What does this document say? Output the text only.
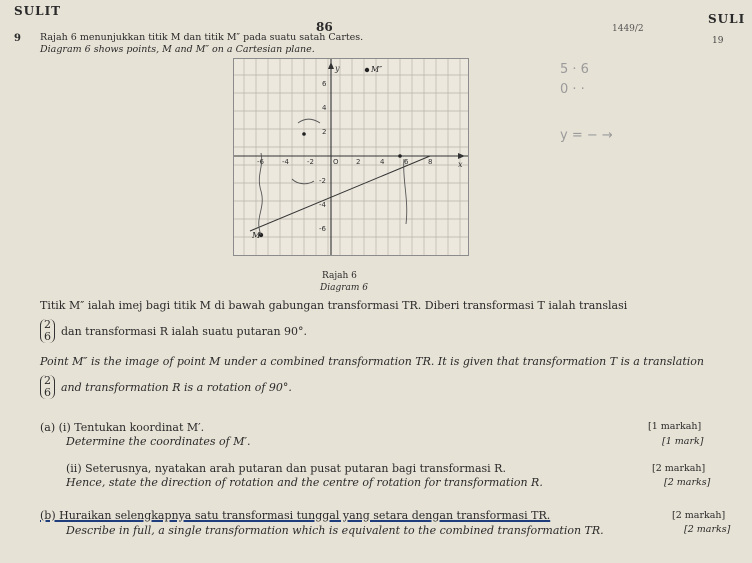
SULIT
86	1449/2
SULI
19
9 Rajah 6 menunjukkan titik M dan titik M″ pada suatu satah Cartes.
Diagram 6 shows points, M and M″ on a Cartesian plane.
y
x
-6	-4	-2	O 2	4	6	8
6
4
2
-2
-4
-6
M
M″
Rajah 6
Diagram 6
5 · 6
0 · ·
y = − →
Titik M″ ialah imej bagi titik M di bawah gabungan transformasi TR. Diberi transformasi T ialah translasi
2
6 dan transformasi R ialah suatu putaran 90°.
Point M″ is the image of point M under a combined transformation TR. It is given that transformation T is a translation
2
6 and transformation R is a rotation of 90°.
(a) (i) Tentukan koordinat M′.
Determine the coordinates of M′.
(ii) Seterusnya, nyatakan arah putaran dan pusat putaran bagi transformasi R.
Hence, state the direction of rotation and the centre of rotation for transformation R.
(b) Huraikan selengkapnya satu transformasi tunggal yang setara dengan transformasi TR.
Describe in full, a single transformation which is equivalent to the combined transformation TR.
[1 markah]
[1 mark]
[2 markah]
[2 marks]
[2 markah]
[2 marks]
